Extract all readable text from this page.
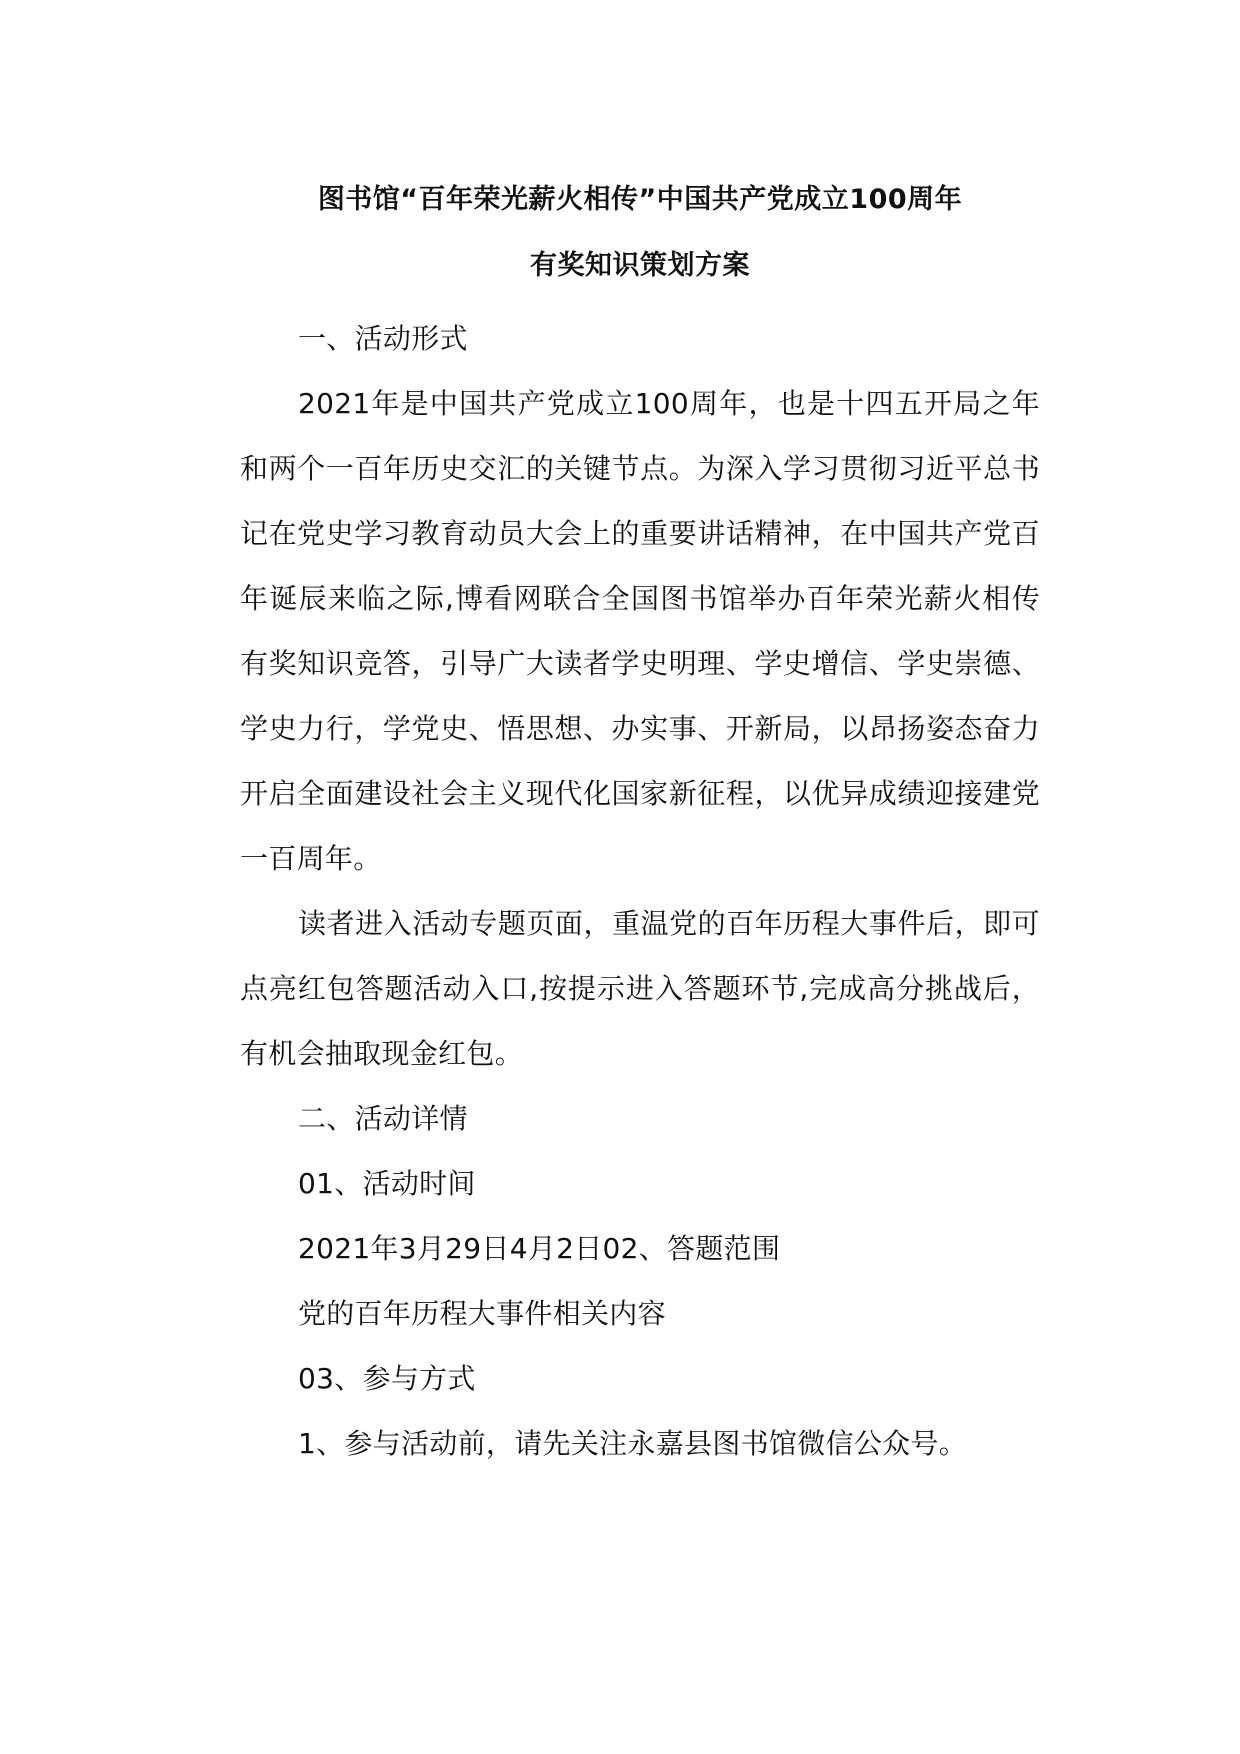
图书馆“百年荣光薪火相传”中国共产党成立100周年
有奖知识策划方案

一、活动形式

2021年是中国共产党成立100周年，也是十四五开局之年和两个一百年历史交汇的关键节点。为深入学习贯彻习近平总书记在党史学习教育动员大会上的重要讲话精神，在中国共产党百年诞辰来临之际,博看网联合全国图书馆举办百年荣光薪火相传有奖知识竞答，引导广大读者学史明理、学史增信、学史崇德、学史力行，学党史、悟思想、办实事、开新局，以昂扬姿态奋力开启全面建设社会主义现代化国家新征程，以优异成绩迎接建党一百周年。

读者进入活动专题页面，重温党的百年历程大事件后，即可点亮红包答题活动入口,按提示进入答题环节,完成高分挑战后，有机会抽取现金红包。

二、活动详情

01、活动时间

2021年3月29日4月2日02、答题范围

党的百年历程大事件相关内容

03、参与方式

1、参与活动前，请先关注永嘉县图书馆微信公众号。
